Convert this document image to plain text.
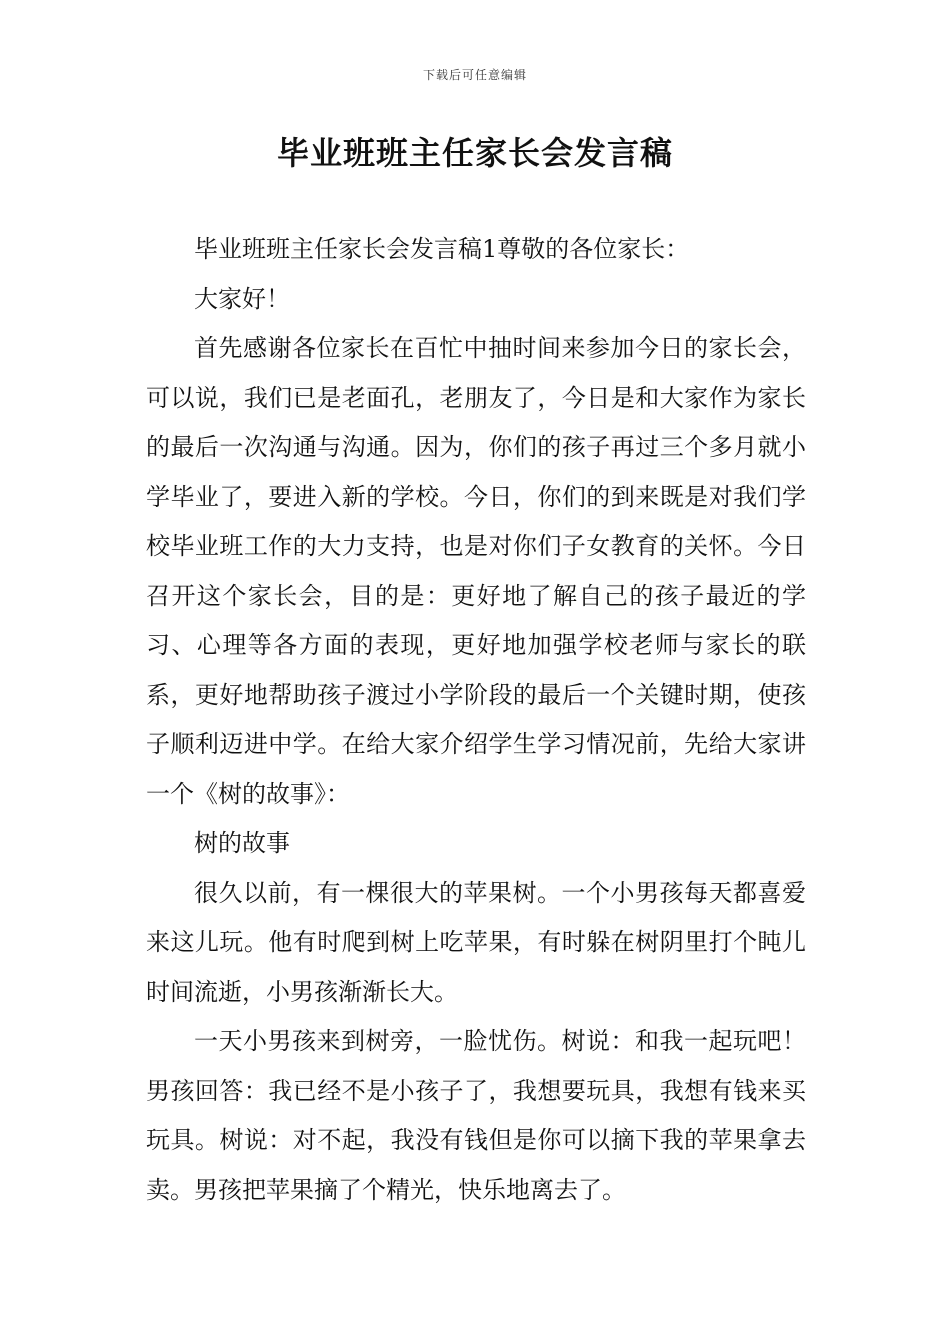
下载后可任意编辑
毕业班班主任家长会发言稿

毕业班班主任家长会发言稿1尊敬的各位家长：

大家好！

首先感谢各位家长在百忙中抽时间来参加今日的家长会，可以说，我们已是老面孔，老朋友了，今日是和大家作为家长的最后一次沟通与沟通。因为，你们的孩子再过三个多月就小学毕业了，要进入新的学校。今日，你们的到来既是对我们学校毕业班工作的大力支持，也是对你们子女教育的关怀。今日召开这个家长会，目的是：更好地了解自己的孩子最近的学习、心理等各方面的表现，更好地加强学校老师与家长的联系，更好地帮助孩子渡过小学阶段的最后一个关键时期，使孩子顺利迈进中学。在给大家介绍学生学习情况前，先给大家讲一个《树的故事》：

树的故事

很久以前，有一棵很大的苹果树。一个小男孩每天都喜爱来这儿玩。他有时爬到树上吃苹果，有时躲在树阴里打个盹儿时间流逝，小男孩渐渐长大。

一天小男孩来到树旁，一脸忧伤。树说：和我一起玩吧！男孩回答：我已经不是小孩子了，我想要玩具，我想有钱来买玩具。树说：对不起，我没有钱但是你可以摘下我的苹果拿去卖。男孩把苹果摘了个精光，快乐地离去了。
